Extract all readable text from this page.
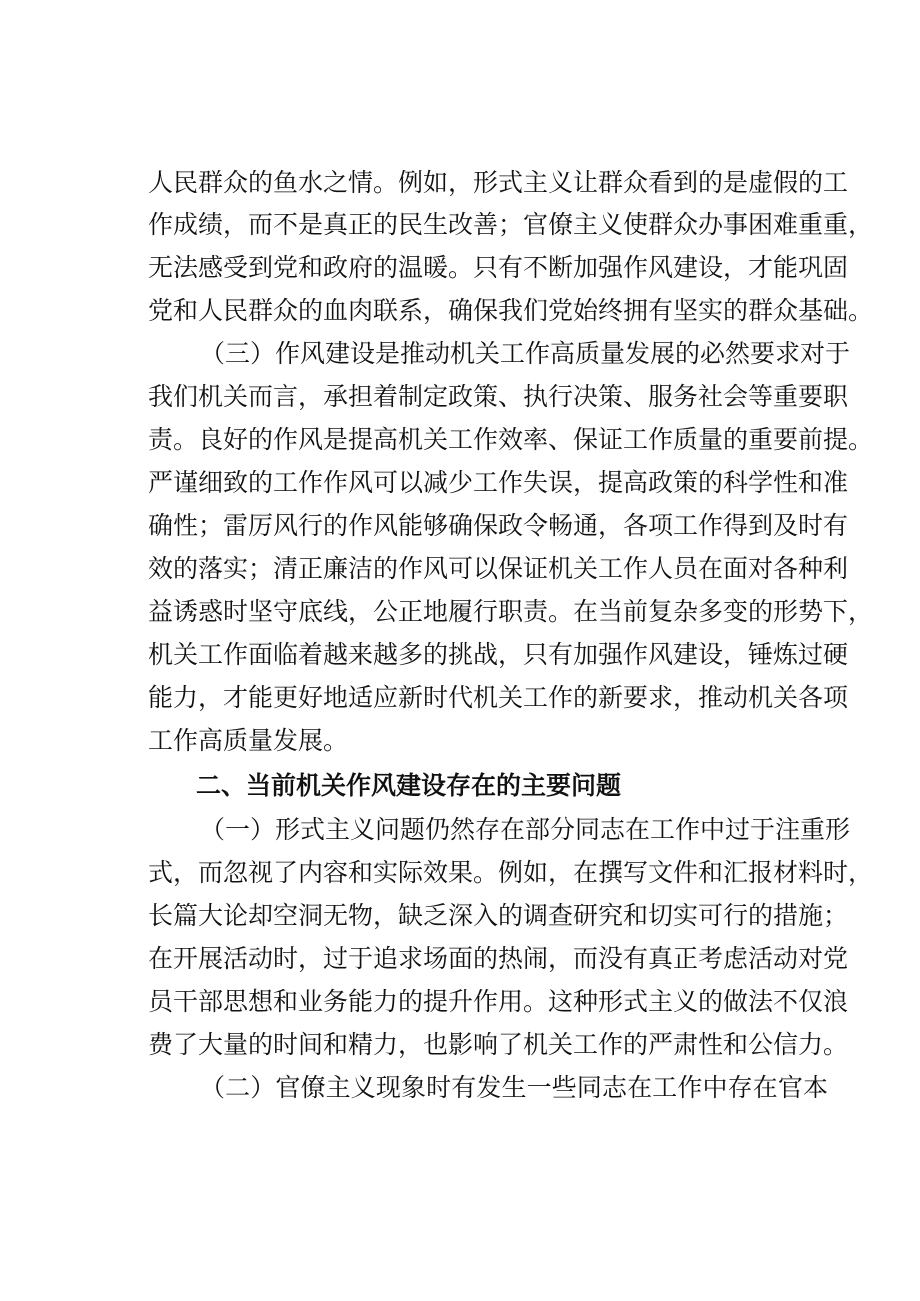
人民群众的鱼水之情。例如，形式主义让群众看到的是虚假的工

作成绩，而不是真正的民生改善；官僚主义使群众办事困难重重，

无法感受到党和政府的温暖。只有不断加强作风建设，才能巩固

党和人民群众的血肉联系，确保我们党始终拥有坚实的群众基础。

（三）作风建设是推动机关工作高质量发展的必然要求对于

我们机关而言，承担着制定政策、执行决策、服务社会等重要职

责。良好的作风是提高机关工作效率、保证工作质量的重要前提。

严谨细致的工作作风可以减少工作失误，提高政策的科学性和准

确性；雷厉风行的作风能够确保政令畅通，各项工作得到及时有

效的落实；清正廉洁的作风可以保证机关工作人员在面对各种利

益诱惑时坚守底线，公正地履行职责。在当前复杂多变的形势下，

机关工作面临着越来越多的挑战，只有加强作风建设，锤炼过硬

能力，才能更好地适应新时代机关工作的新要求，推动机关各项

工作高质量发展。

二、当前机关作风建设存在的主要问题

（一）形式主义问题仍然存在部分同志在工作中过于注重形

式，而忽视了内容和实际效果。例如，在撰写文件和汇报材料时，

长篇大论却空洞无物，缺乏深入的调查研究和切实可行的措施；

在开展活动时，过于追求场面的热闹，而没有真正考虑活动对党

员干部思想和业务能力的提升作用。这种形式主义的做法不仅浪

费了大量的时间和精力，也影响了机关工作的严肃性和公信力。

（二）官僚主义现象时有发生一些同志在工作中存在官本
